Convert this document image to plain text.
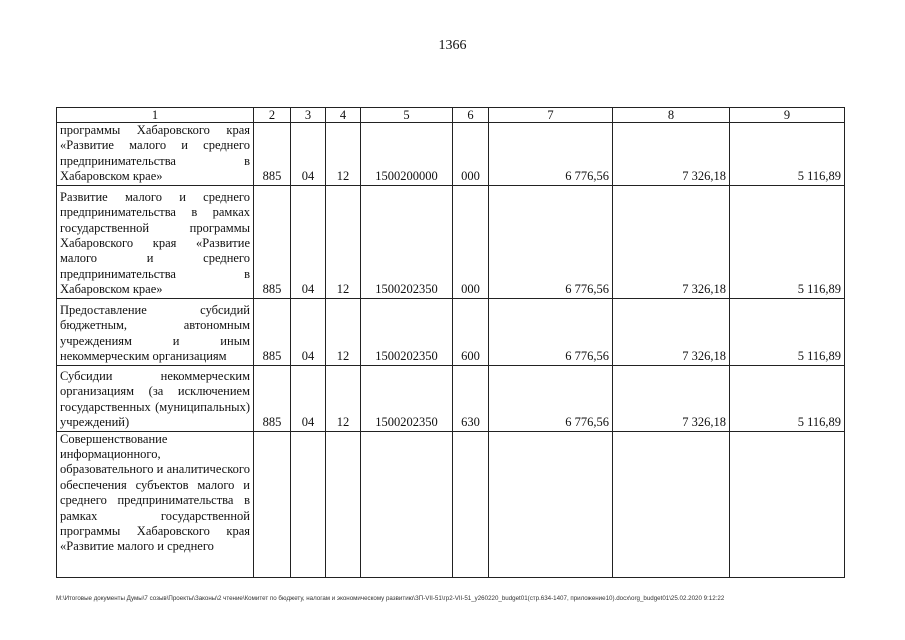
1366
1	2	3	4	5	6	7	8	9
программы Хабаровского края «Развитие малого и среднего предпринимательства в Хабаровском крае»	885	04	12	1500200000	000	6 776,56	7 326,18	5 116,89
Развитие малого и среднего предпринимательства в рамках государственной программы Хабаровского края «Развитие малого и среднего предпринимательства в Хабаровском крае»	885	04	12	1500202350	000	6 776,56	7 326,18	5 116,89
Предоставление субсидий бюджетным, автономным учреждениям и иным некоммерческим организациям	885	04	12	1500202350	600	6 776,56	7 326,18	5 116,89
Субсидии некоммерческим организациям (за исключением государственных (муниципальных) учреждений)	885	04	12	1500202350	630	6 776,56	7 326,18	5 116,89
Совершенствование информационного, образовательного и аналитического обеспечения субъектов малого и среднего предпринимательства в рамках государственной программы Хабаровского края «Развитие малого и среднего								
M:\Итоговые документы Думы\7 созыв\Проекты\Законы\2 чтение\Комитет по бюджету, налогам и экономическому развитию\ЗП-VII-51\гр2-VII-51_у260220_budget01(стр.634-1407, приложение10).docx\org_budget01\25.02.2020 9:12:22
